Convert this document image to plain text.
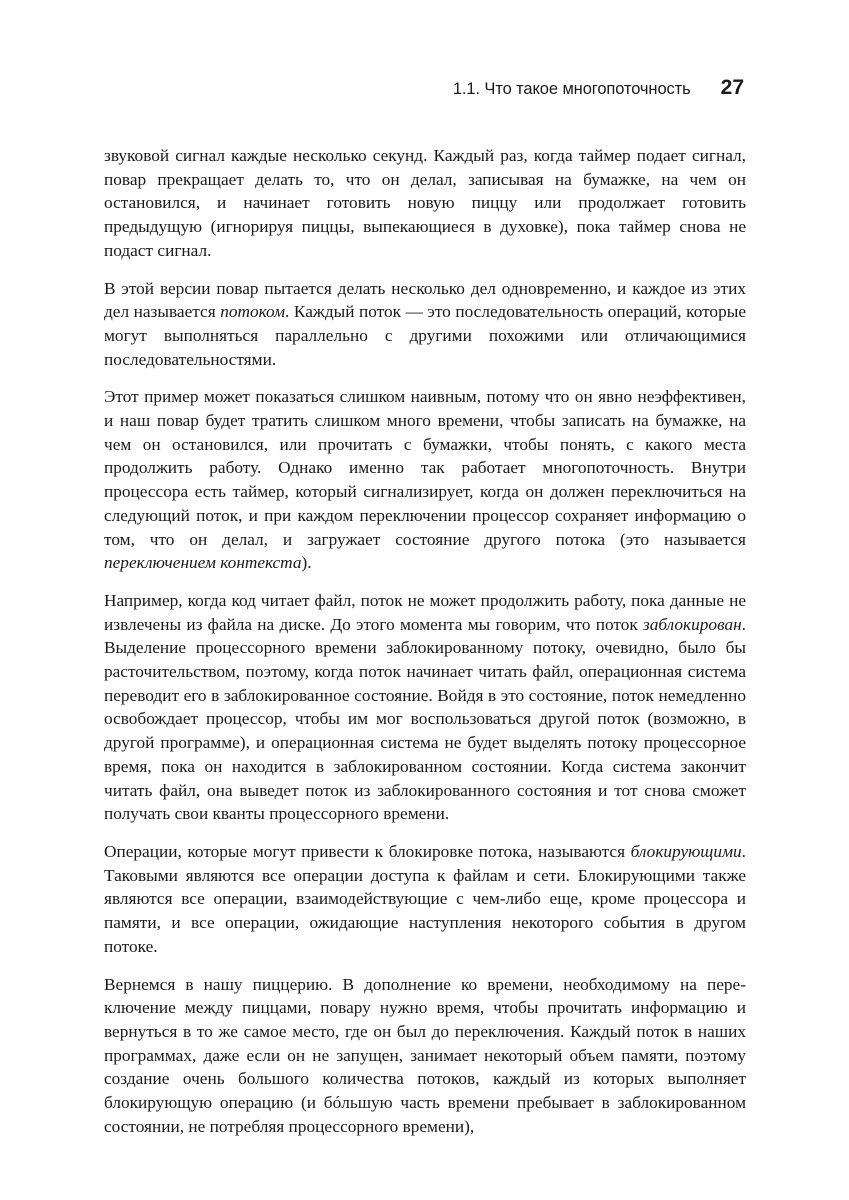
1.1. Что такое многопоточность 27

звуковой сигнал каждые несколько секунд. Каждый раз, когда таймер подает сигнал, повар прекращает делать то, что он делал, записывая на бумажке, на чем он остановился, и начинает готовить новую пиццу или продолжает готовить предыдущую (игнорируя пиццы, выпекающиеся в духовке), пока таймер снова не подаст сигнал.

В этой версии повар пытается делать несколько дел одновременно, и каждое из этих дел называется потоком. Каждый поток — это последовательность операций, которые могут выполняться параллельно с другими похожими или отличающимися последовательностями.

Этот пример может показаться слишком наивным, потому что он явно неэффективен, и наш повар будет тратить слишком много времени, чтобы записать на бумажке, на чем он остановился, или прочитать с бумажки, чтобы понять, с какого места продолжить работу. Однако именно так работает многопоточность. Внутри процессора есть таймер, который сигнализирует, когда он должен переключиться на следующий поток, и при каждом переключении процессор сохраняет информацию о том, что он делал, и загружает состояние другого потока (это называется переключением контекста).

Например, когда код читает файл, поток не может продолжить работу, пока данные не извлечены из файла на диске. До этого момента мы говорим, что поток заблокирован. Выделение процессорного времени заблокированному потоку, очевидно, было бы расточительством, поэтому, когда поток начинает читать файл, операционная система переводит его в заблокированное состояние. Войдя в это состояние, поток немедленно освобождает процессор, чтобы им мог воспользоваться другой поток (возможно, в другой программе), и операционная система не будет выделять потоку процессорное время, пока он находится в заблокированном состоянии. Когда система закончит читать файл, она выведет поток из заблокированного состояния и тот снова сможет получать свои кванты процессорного времени.

Операции, которые могут привести к блокировке потока, называются блокирующими. Таковыми являются все операции доступа к файлам и сети. Блокирующими также являются все операции, взаимодействующие с чем-либо еще, кроме процессора и памяти, и все операции, ожидающие наступления некоторого события в другом потоке.

Вернемся в нашу пиццерию. В дополнение ко времени, необходимому на переключение между пиццами, повару нужно время, чтобы прочитать информацию и вернуться в то же самое место, где он был до переключения. Каждый поток в наших программах, даже если он не запущен, занимает некоторый объем памяти, поэтому создание очень большого количества потоков, каждый из которых выполняет блокирующую операцию (и бóльшую часть времени пребывает в заблокированном состоянии, не потребляя процессорного времени),
